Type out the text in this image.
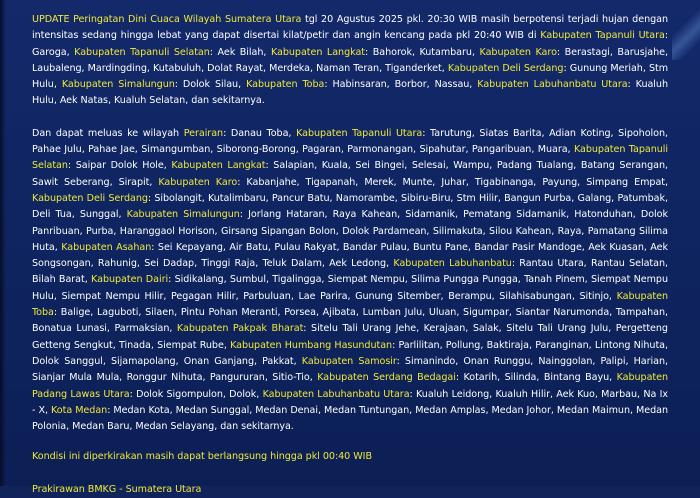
UPDATE Peringatan Dini Cuaca Wilayah Sumatera Utara tgl 20 Agustus 2025 pkl. 20:30 WIB masih berpotensi terjadi hujan dengan intensitas sedang hingga lebat yang dapat disertai kilat/petir dan angin kencang pada pkl 20:40 WIB di Kabupaten Tapanuli Utara: Garoga, Kabupaten Tapanuli Selatan: Aek Bilah, Kabupaten Langkat: Bahorok, Kutambaru, Kabupaten Karo: Berastagi, Barusjahe, Laubaleng, Mardingding, Kutabuluh, Dolat Rayat, Merdeka, Naman Teran, Tiganderket, Kabupaten Deli Serdang: Gunung Meriah, Stm Hulu, Kabupaten Simalungun: Dolok Silau, Kabupaten Toba: Habinsaran, Borbor, Nassau, Kabupaten Labuhanbatu Utara: Kualuh Hulu, Aek Natas, Kualuh Selatan, dan sekitarnya.

Dan dapat meluas ke wilayah Perairan: Danau Toba, Kabupaten Tapanuli Utara: Tarutung, Siatas Barita, Adian Koting, Sipoholon, Pahae Julu, Pahae Jae, Simangumban, Siborong-Borong, Pagaran, Parmonangan, Sipahutar, Pangaribuan, Muara, Kabupaten Tapanuli Selatan: Saipar Dolok Hole, Kabupaten Langkat: Salapian, Kuala, Sei Bingei, Selesai, Wampu, Padang Tualang, Batang Serangan, Sawit Seberang, Sirapit, Kabupaten Karo: Kabanjahe, Tigapanah, Merek, Munte, Juhar, Tigabinanga, Payung, Simpang Empat, Kabupaten Deli Serdang: Sibolangit, Kutalimbaru, Pancur Batu, Namorambe, Sibiru-Biru, Stm Hilir, Bangun Purba, Galang, Patumbak, Deli Tua, Sunggal, Kabupaten Simalungun: Jorlang Hataran, Raya Kahean, Sidamanik, Pematang Sidamanik, Hatonduhan, Dolok Panribuan, Purba, Haranggaol Horison, Girsang Sipangan Bolon, Dolok Pardamean, Silimakuta, Silou Kahean, Raya, Pamatang Silima Huta, Kabupaten Asahan: Sei Kepayang, Air Batu, Pulau Rakyat, Bandar Pulau, Buntu Pane, Bandar Pasir Mandoge, Aek Kuasan, Aek Songsongan, Rahunig, Sei Dadap, Tinggi Raja, Teluk Dalam, Aek Ledong, Kabupaten Labuhanbatu: Rantau Utara, Rantau Selatan, Bilah Barat, Kabupaten Dairi: Sidikalang, Sumbul, Tigalingga, Siempat Nempu, Silima Pungga Pungga, Tanah Pinem, Siempat Nempu Hulu, Siempat Nempu Hilir, Pegagan Hilir, Parbuluan, Lae Parira, Gunung Sitember, Berampu, Silahisabungan, Sitinjo, Kabupaten Toba: Balige, Laguboti, Silaen, Pintu Pohan Meranti, Porsea, Ajibata, Lumban Julu, Uluan, Sigumpar, Siantar Narumonda, Tampahan, Bonatua Lunasi, Parmaksian, Kabupaten Pakpak Bharat: Sitelu Tali Urang Jehe, Kerajaan, Salak, Sitelu Tali Urang Julu, Pergetteng Getteng Sengkut, Tinada, Siempat Rube, Kabupaten Humbang Hasundutan: Parlilitan, Pollung, Baktiraja, Paranginan, Lintong Nihuta, Dolok Sanggul, Sijamapolang, Onan Ganjang, Pakkat, Kabupaten Samosir: Simanindo, Onan Runggu, Nainggolan, Palipi, Harian, Sianjar Mula Mula, Ronggur Nihuta, Pangururan, Sitio-Tio, Kabupaten Serdang Bedagai: Kotarih, Silinda, Bintang Bayu, Kabupaten Padang Lawas Utara: Dolok Sigompulon, Dolok, Kabupaten Labuhanbatu Utara: Kualuh Leidong, Kualuh Hilir, Aek Kuo, Marbau, Na Ix - X, Kota Medan: Medan Kota, Medan Sunggal, Medan Denai, Medan Tuntungan, Medan Amplas, Medan Johor, Medan Maimun, Medan Polonia, Medan Baru, Medan Selayang, dan sekitarnya.

Kondisi ini diperkirakan masih dapat berlangsung hingga pkl 00:40 WIB

Prakirawan BMKG - Sumatera Utara
